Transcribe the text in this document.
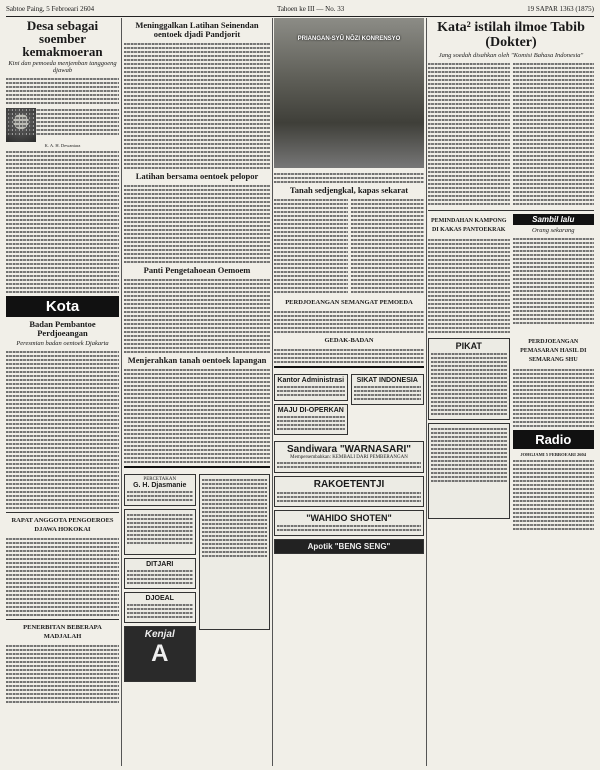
Sabtoe Paing, 5 Febroeari 2604	Tahoen ke III — No. 33	19 SAPAR 1363 (1875)
Desa sebagai soember kemakmoeran
Kini dan pemoeda menjemban tanggoeng djawab
K. A. H. Dewantara
Kota
Badan Pembantoe Perdjoeangan
Peresmian badan oentoek Djakarta
RAPAT ANGGOTA PENGOEROES DJAWA HOKOKAI
PENERBITAN BEBERAPA MADJALAH
Meninggalkan Latihan Seinendan oentoek djadi Pandjorit
Latihan bersama oentoek pelopor
Panti Pengetahoean Oemoem
Menjerahkan tanah oentoek lapangan
PERCETAKAN
G. H. Djasmanie
DITJARI
DJOEAL
Kenjal
A
PRIANGAN-SYÛ NÔZI KONRENSYO
Tanah sedjengkal, kapas sekarat
PERDJOEANGAN SEMANGAT PEMOEDA
GEDAK-BADAN
Kantor Administrasi
MAJU DI-OPERKAN
SIKAT INDONESIA
Sandiwara "WARNASARI"
Mempersembahkan: KEMBALI DARI PEMBERANGAN
RAKOETENTJI
"WAHIDO SHOTEN"
Apotik "BENG SENG"
Kata² istilah ilmoe Tabib (Dokter)
Jang soedah disahkan oleh "Komisi Bahasa Indonesia"
PEMINDAHAN KAMPONG DI KAKAS PANTOEKRAK
Sambil lalu
Orang sekarang
PIKAT	PERDJOEANGAN PEMASARAN HASIL DI SEMARANG SHU
Radio
JOHGJAMI 5 FEBROEARI 2604
